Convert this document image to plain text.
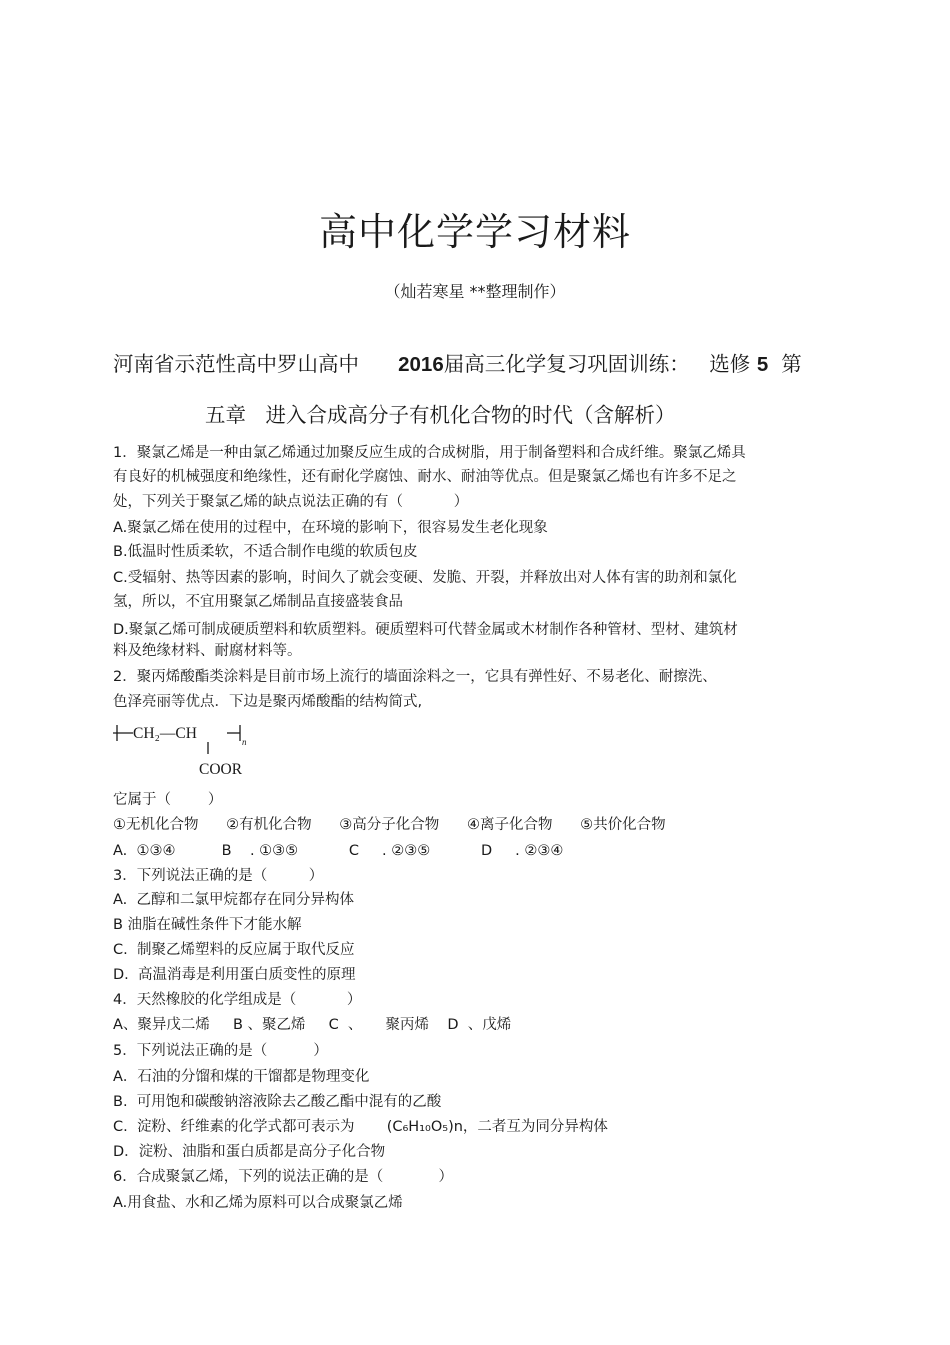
高中化学学习材料
（灿若寒星 **整理制作）
河南省示范性高中罗山高中 2016届高三化学复习巩固训练： 选修 5 第
五章   进入合成高分子有机化合物的时代（含解析）
1．聚氯乙烯是一种由氯乙烯通过加聚反应生成的合成树脂，用于制备塑料和合成纤维。聚氯乙烯具
有良好的机械强度和绝缘性，还有耐化学腐蚀、耐水、耐油等优点。但是聚氯乙烯也有许多不足之
处，下列关于聚氯乙烯的缺点说法正确的有（           ）
A.聚氯乙烯在使用的过程中，在环境的影响下，很容易发生老化现象
B.低温时性质柔软，不适合制作电缆的软质包皮
C.受辐射、热等因素的影响，时间久了就会变硬、发脆、开裂，并释放出对人体有害的助剂和氯化
氢，所以，不宜用聚氯乙烯制品直接盛装食品
D.聚氯乙烯可制成硬质塑料和软质塑料。硬质塑料可代替金属或木材制作各种管材、型材、建筑材
料及绝缘材料、耐腐材料等。
2．聚丙烯酸酯类涂料是目前市场上流行的墙面涂料之一，它具有弹性好、不易老化、耐擦洗、
色泽亮丽等优点．下边是聚丙烯酸酯的结构简式,
CH₂—CH	n
COOR
它属于（        ）
①无机化合物      ②有机化合物      ③高分子化合物      ④离子化合物      ⑤共价化合物
A.  ①③④          B    . ①③⑤           C     . ②③⑤           D     . ②③④
3．下列说法正确的是（         ）
A.  乙醇和二氯甲烷都存在同分异构体
B 油脂在碱性条件下才能水解
C.  制聚乙烯塑料的反应属于取代反应
D.  高温消毒是利用蛋白质变性的原理
4．天然橡胶的化学组成是（           ）
A、聚异戊二烯     B 、聚乙烯     C  、     聚丙烯    D  、戊烯
5．下列说法正确的是（          ）
A．石油的分馏和煤的干馏都是物理变化
B.  可用饱和碳酸钠溶液除去乙酸乙酯中混有的乙酸
C.  淀粉、纤维素的化学式都可表示为       (C₆H₁₀O₅)n，二者互为同分异构体
D．淀粉、油脂和蛋白质都是高分子化合物
6．合成聚氯乙烯，下列的说法正确的是（            ）
A.用食盐、水和乙烯为原料可以合成聚氯乙烯
